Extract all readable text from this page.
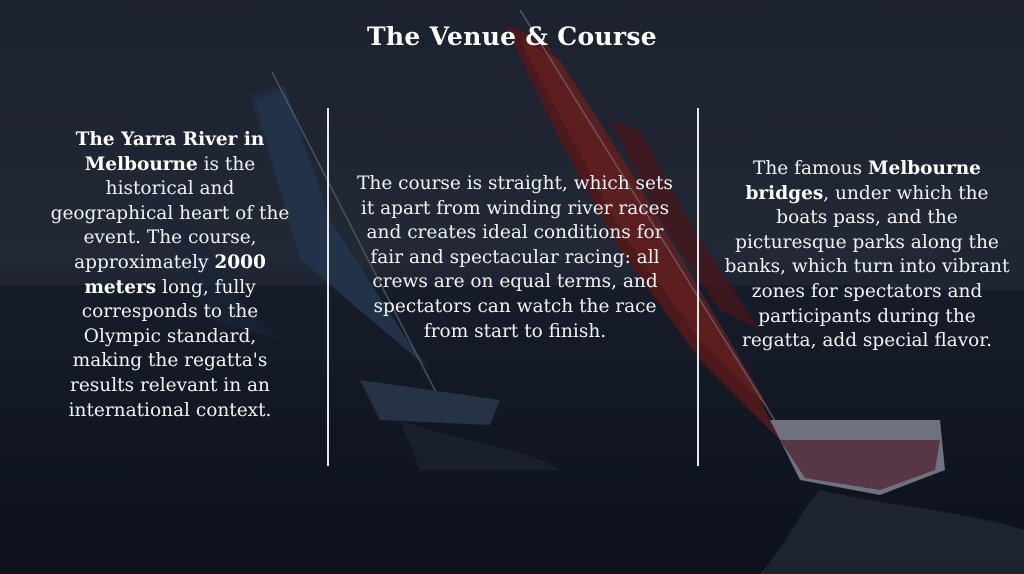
The Venue & Course
The Yarra River in Melbourne is the historical and geographical heart of the event. The course, approximately 2000 meters long, fully corresponds to the Olympic standard, making the regatta's results relevant in an international context.
The course is straight, which sets it apart from winding river races and creates ideal conditions for fair and spectacular racing: all crews are on equal terms, and spectators can watch the race from start to finish.
The famous Melbourne bridges, under which the boats pass, and the picturesque parks along the banks, which turn into vibrant zones for spectators and participants during the regatta, add special flavor.
